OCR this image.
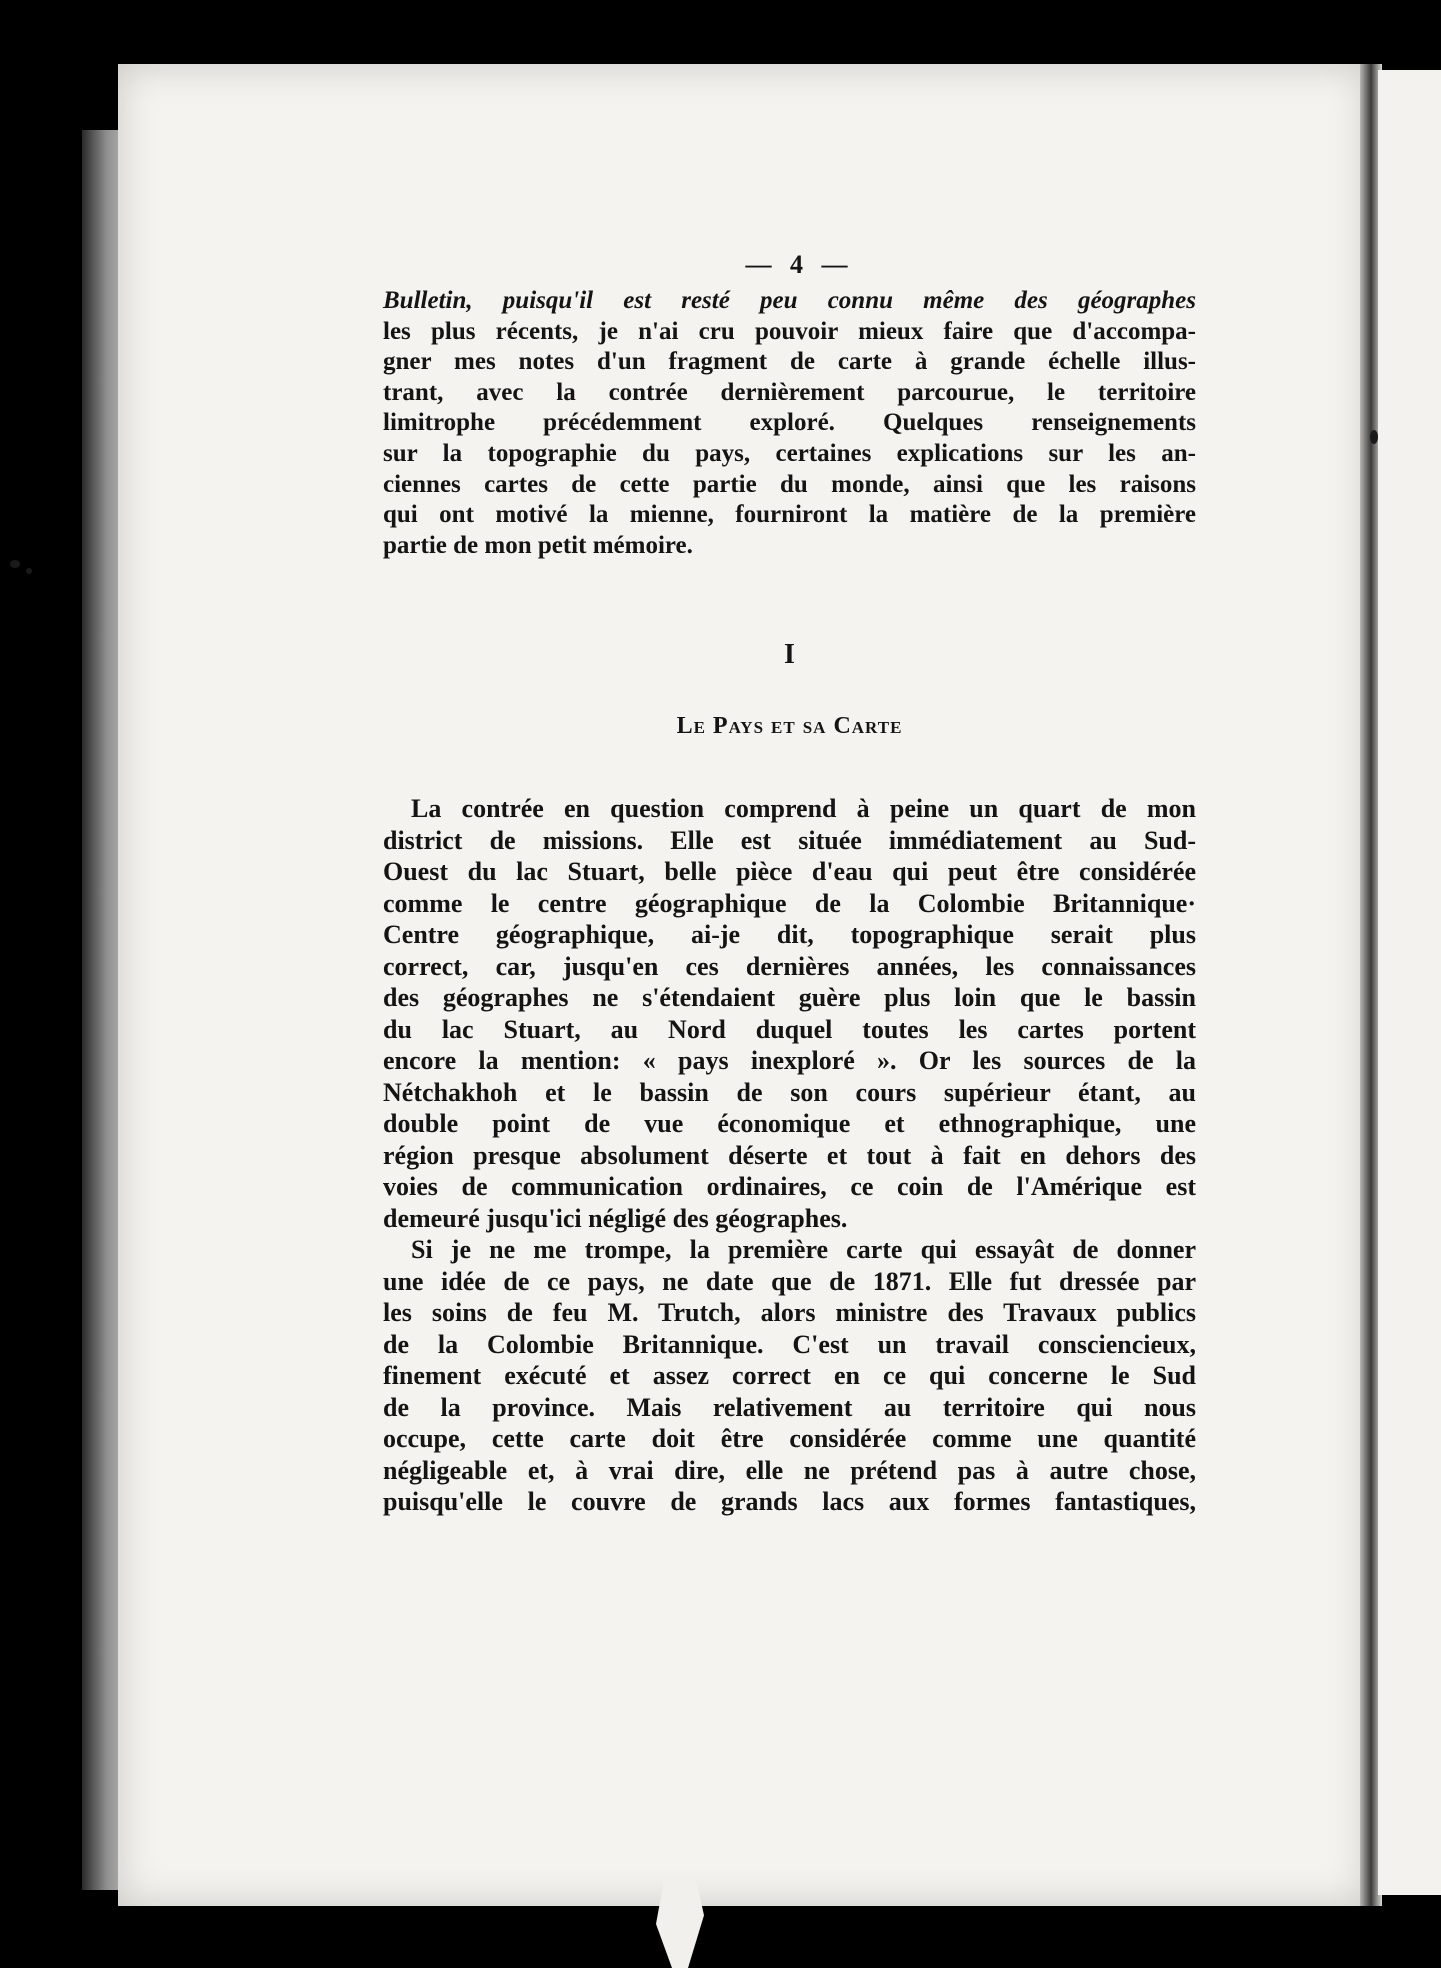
— 4 —

Bulletin, puisqu'il est resté peu connu même des géographes
les plus récents, je n'ai cru pouvoir mieux faire que d'accompa-
gner mes notes d'un fragment de carte à grande échelle illus-
trant, avec la contrée dernièrement parcourue, le territoire
limitrophe précédemment exploré. Quelques renseignements
sur la topographie du pays, certaines explications sur les an-
ciennes cartes de cette partie du monde, ainsi que les raisons
qui ont motivé la mienne, fourniront la matière de la première
partie de mon petit mémoire.

I
Le Pays et sa Carte

La contrée en question comprend à peine un quart de mon
district de missions. Elle est située immédiatement au Sud-
Ouest du lac Stuart, belle pièce d'eau qui peut être considérée
comme le centre géographique de la Colombie Britannique·
Centre géographique, ai-je dit, topographique serait plus
correct, car, jusqu'en ces dernières années, les connaissances
des géographes ne s'étendaient guère plus loin que le bassin
du lac Stuart, au Nord duquel toutes les cartes portent
encore la mention: « pays inexploré ». Or les sources de la
Nétchakhoh et le bassin de son cours supérieur étant, au
double point de vue économique et ethnographique, une
région presque absolument déserte et tout à fait en dehors des
voies de communication ordinaires, ce coin de l'Amérique est
demeuré jusqu'ici négligé des géographes.

Si je ne me trompe, la première carte qui essayât de donner
une idée de ce pays, ne date que de 1871. Elle fut dressée par
les soins de feu M. Trutch, alors ministre des Travaux publics
de la Colombie Britannique. C'est un travail consciencieux,
finement exécuté et assez correct en ce qui concerne le Sud
de la province. Mais relativement au territoire qui nous
occupe, cette carte doit être considérée comme une quantité
négligeable et, à vrai dire, elle ne prétend pas à autre chose,
puisqu'elle le couvre de grands lacs aux formes fantastiques,
